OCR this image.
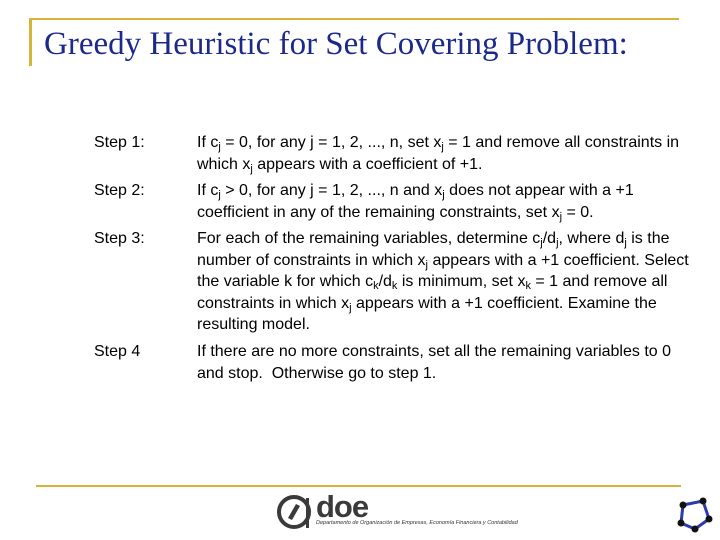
Greedy Heuristic for Set Covering Problem:
Step 1:	If $c_j = 0$, for any j = 1, 2, ..., n, set $x_j = 1$ and remove all constraints in which $x_j$ appears with a coefficient of +1.
Step 2:	If $c_j > 0$, for any j = 1, 2, ..., n and $x_j$ does not appear with a +1 coefficient in any of the remaining constraints, set $x_j = 0$.
Step 3:	For each of the remaining variables, determine $c_j/d_j$, where $d_j$ is the number of constraints in which $x_j$ appears with a +1 coefficient. Select the variable k for which $c_k/d_k$ is minimum, set $x_k = 1$ and remove all constraints in which $x_j$ appears with a +1 coefficient. Examine the resulting model.
Step 4	If there are no more constraints, set all the remaining variables to 0 and stop.  Otherwise go to step 1.
doe
Departamento de Organización de Empresas, Economía Financiera y Contabilidad
